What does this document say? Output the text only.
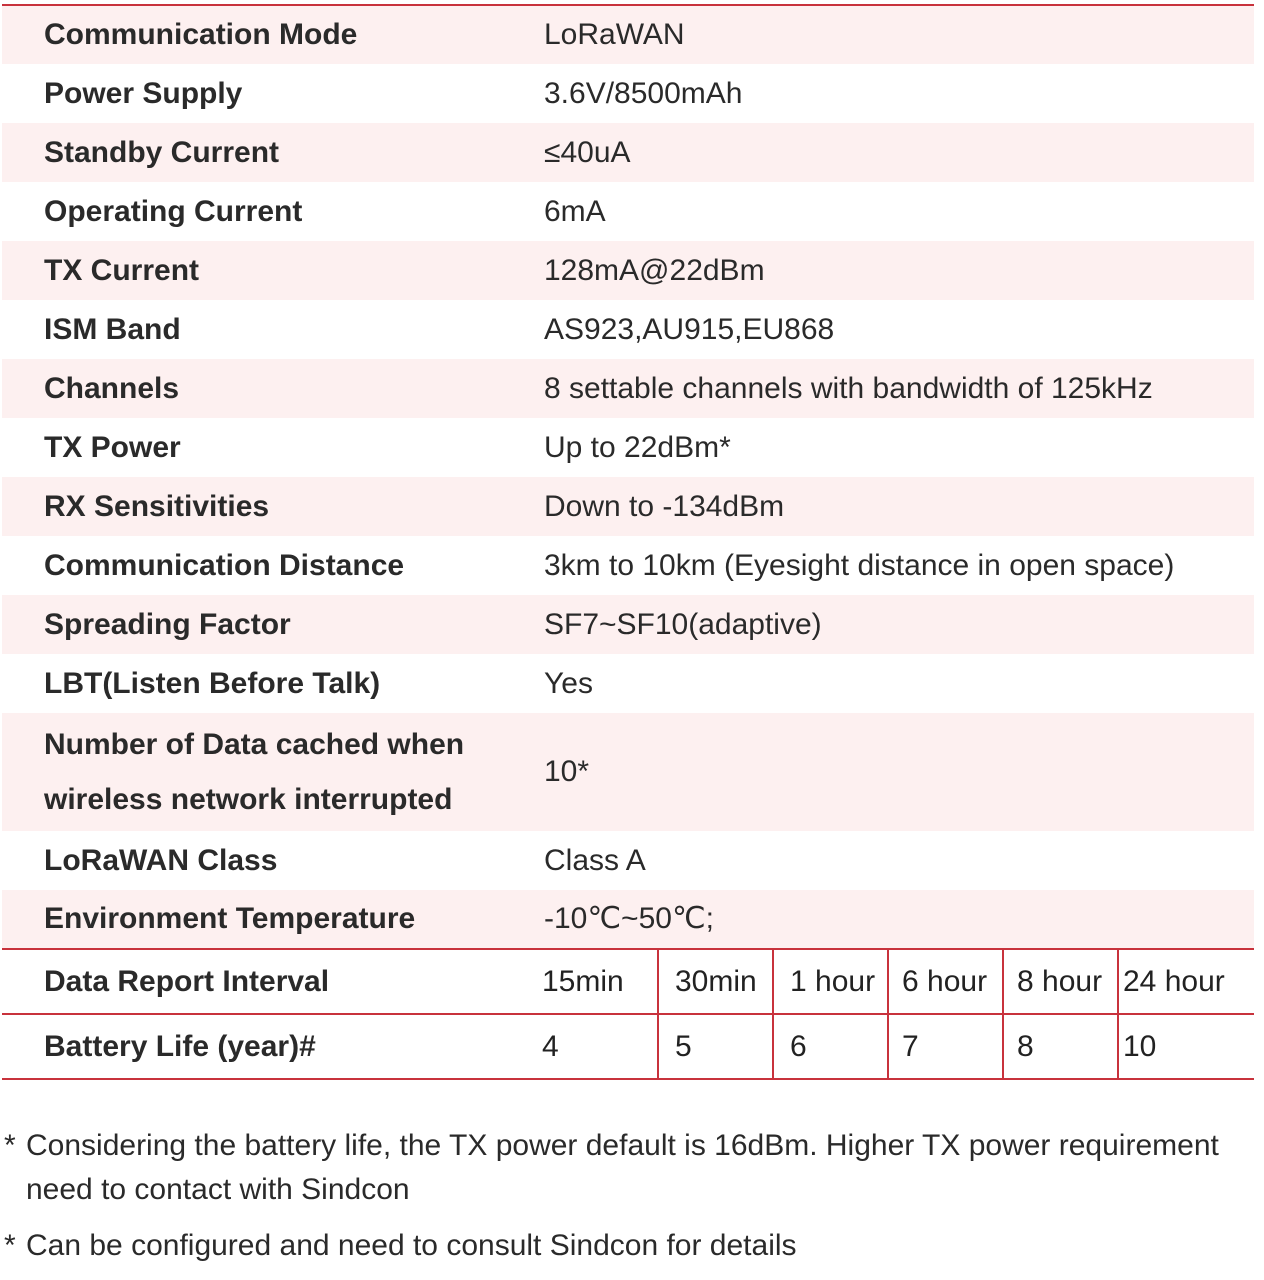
Communication Mode	LoRaWAN					
Power Supply	3.6V/8500mAh					
Standby Current	≤40uA					
Operating Current	6mA					
TX Current	128mA@22dBm					
ISM Band	AS923,AU915,EU868					
Channels	8 settable channels with bandwidth of 125kHz					
TX Power	Up to 22dBm*					
RX Sensitivities	Down to -134dBm					
Communication Distance	3km to 10km (Eyesight distance in open space)					
Spreading Factor	SF7~SF10(adaptive)					
LBT(Listen Before Talk)	Yes					
Number of Data cached when wireless network interrupted	10*					
LoRaWAN Class	Class A					
Environment Temperature	-10℃~50℃;					
Data Report Interval	15min	30min	1 hour	6 hour	8 hour	24 hour
Battery Life (year)#	4	5	6	7	8	10
* Considering the battery life, the TX power default is 16dBm. Higher TX power requirement need to contact with Sindcon
* Can be configured and need to consult Sindcon for details
